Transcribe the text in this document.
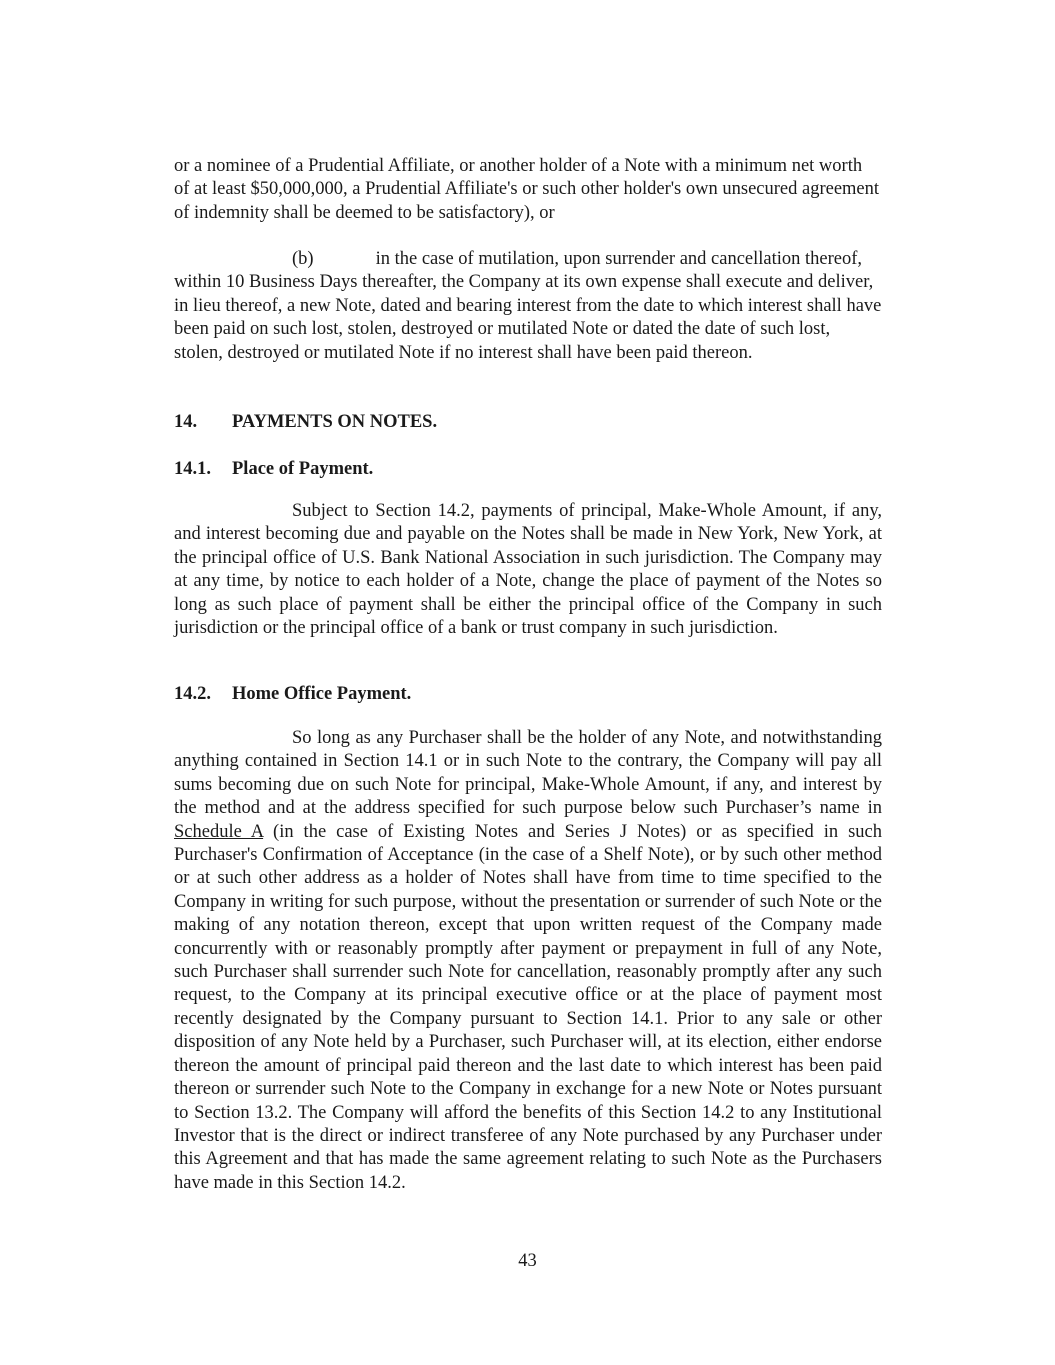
or a nominee of a Prudential Affiliate, or another holder of a Note with a minimum net worth of at least $50,000,000, a Prudential Affiliate's or such other holder's own unsecured agreement of indemnity shall be deemed to be satisfactory), or

(b)	in the case of mutilation, upon surrender and cancellation thereof, within 10 Business Days thereafter, the Company at its own expense shall execute and deliver, in lieu thereof, a new Note, dated and bearing interest from the date to which interest shall have been paid on such lost, stolen, destroyed or mutilated Note or dated the date of such lost, stolen, destroyed or mutilated Note if no interest shall have been paid thereon.

14. PAYMENTS ON NOTES.

14.1. Place of Payment.

Subject to Section 14.2, payments of principal, Make-Whole Amount, if any, and interest becoming due and payable on the Notes shall be made in New York, New York, at the principal office of U.S. Bank National Association in such jurisdiction. The Company may at any time, by notice to each holder of a Note, change the place of payment of the Notes so long as such place of payment shall be either the principal office of the Company in such jurisdiction or the principal office of a bank or trust company in such jurisdiction.

14.2. Home Office Payment.

So long as any Purchaser shall be the holder of any Note, and notwithstanding anything contained in Section 14.1 or in such Note to the contrary, the Company will pay all sums becoming due on such Note for principal, Make-Whole Amount, if any, and interest by the method and at the address specified for such purpose below such Purchaser’s name in Schedule A (in the case of Existing Notes and Series J Notes) or as specified in such Purchaser's Confirmation of Acceptance (in the case of a Shelf Note), or by such other method or at such other address as a holder of Notes shall have from time to time specified to the Company in writing for such purpose, without the presentation or surrender of such Note or the making of any notation thereon, except that upon written request of the Company made concurrently with or reasonably promptly after payment or prepayment in full of any Note, such Purchaser shall surrender such Note for cancellation, reasonably promptly after any such request, to the Company at its principal executive office or at the place of payment most recently designated by the Company pursuant to Section 14.1. Prior to any sale or other disposition of any Note held by a Purchaser, such Purchaser will, at its election, either endorse thereon the amount of principal paid thereon and the last date to which interest has been paid thereon or surrender such Note to the Company in exchange for a new Note or Notes pursuant to Section 13.2. The Company will afford the benefits of this Section 14.2 to any Institutional Investor that is the direct or indirect transferee of any Note purchased by any Purchaser under this Agreement and that has made the same agreement relating to such Note as the Purchasers have made in this Section 14.2.

43
